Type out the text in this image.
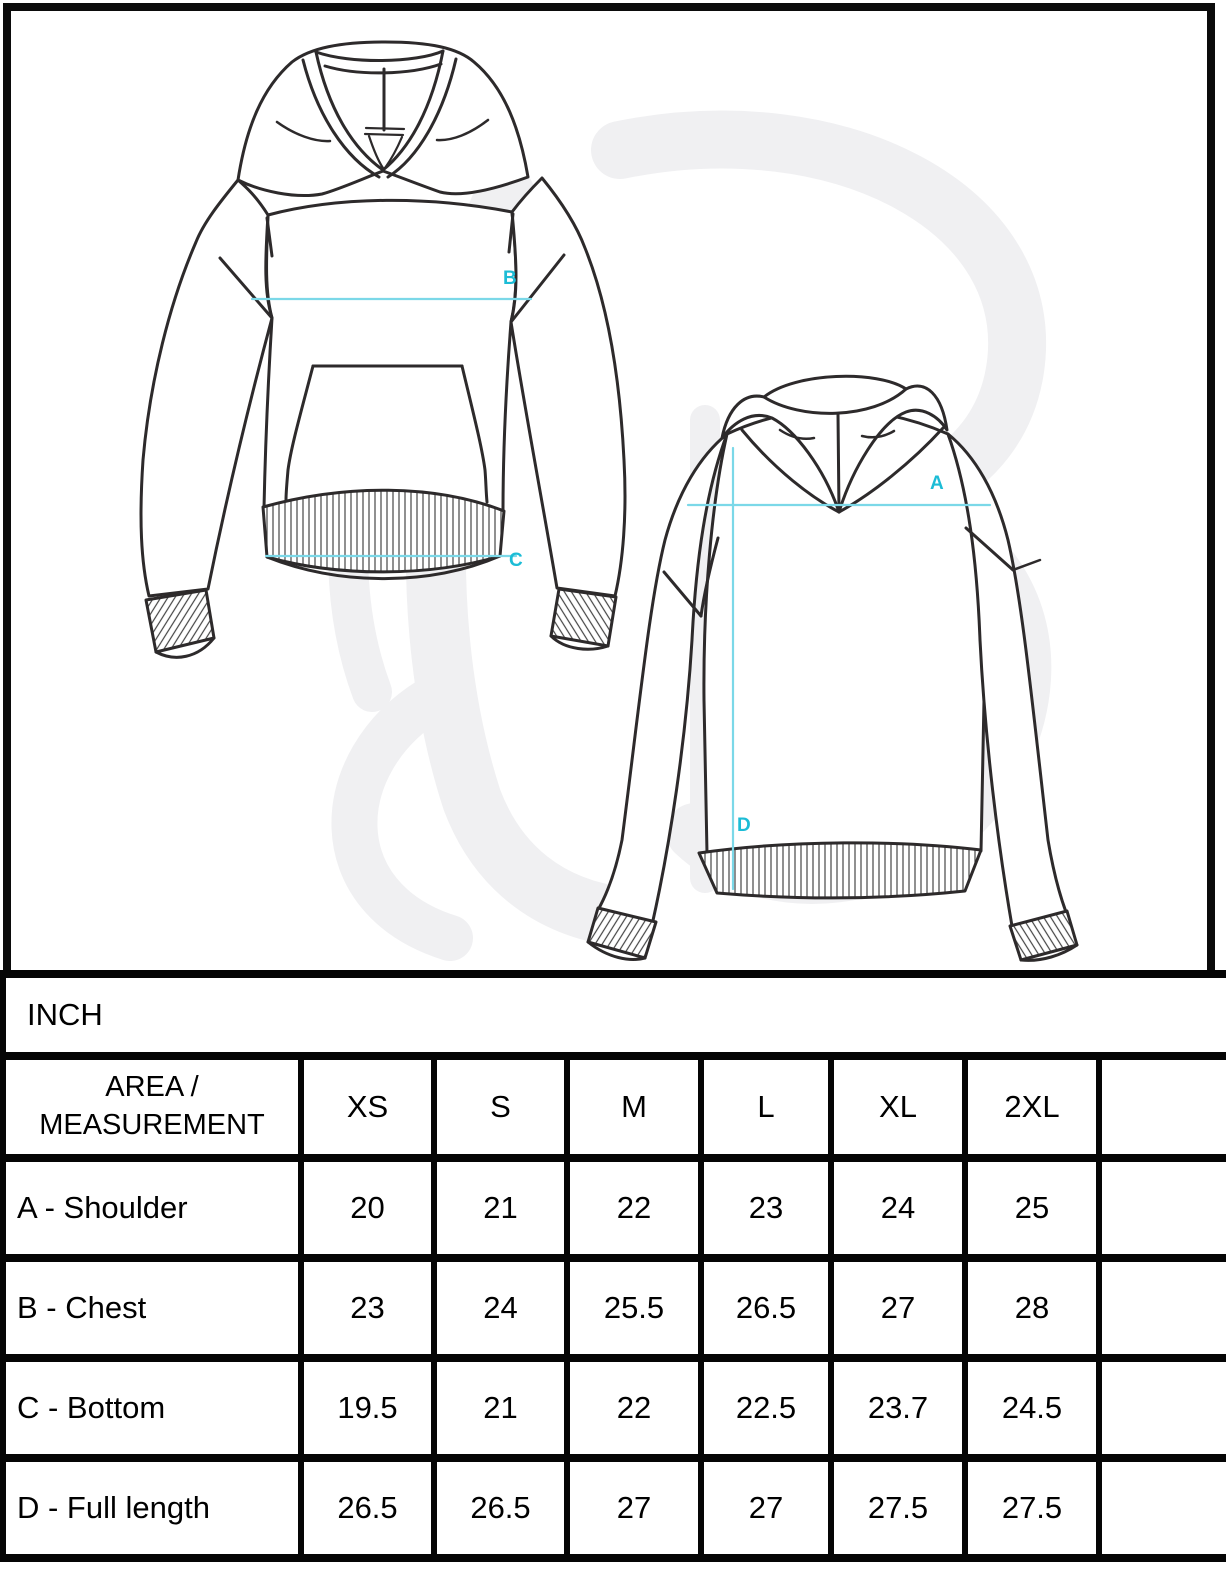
A
B
C
D
INCH							

AREA /
MEASUREMENT	XS	S	M	L	XL	2XL	
A - Shoulder	20	21	22	23	24	25	
B - Chest	23	24	25.5	26.5	27	28	
C - Bottom	19.5	21	22	22.5	23.7	24.5	
D - Full length	26.5	26.5	27	27	27.5	27.5	
